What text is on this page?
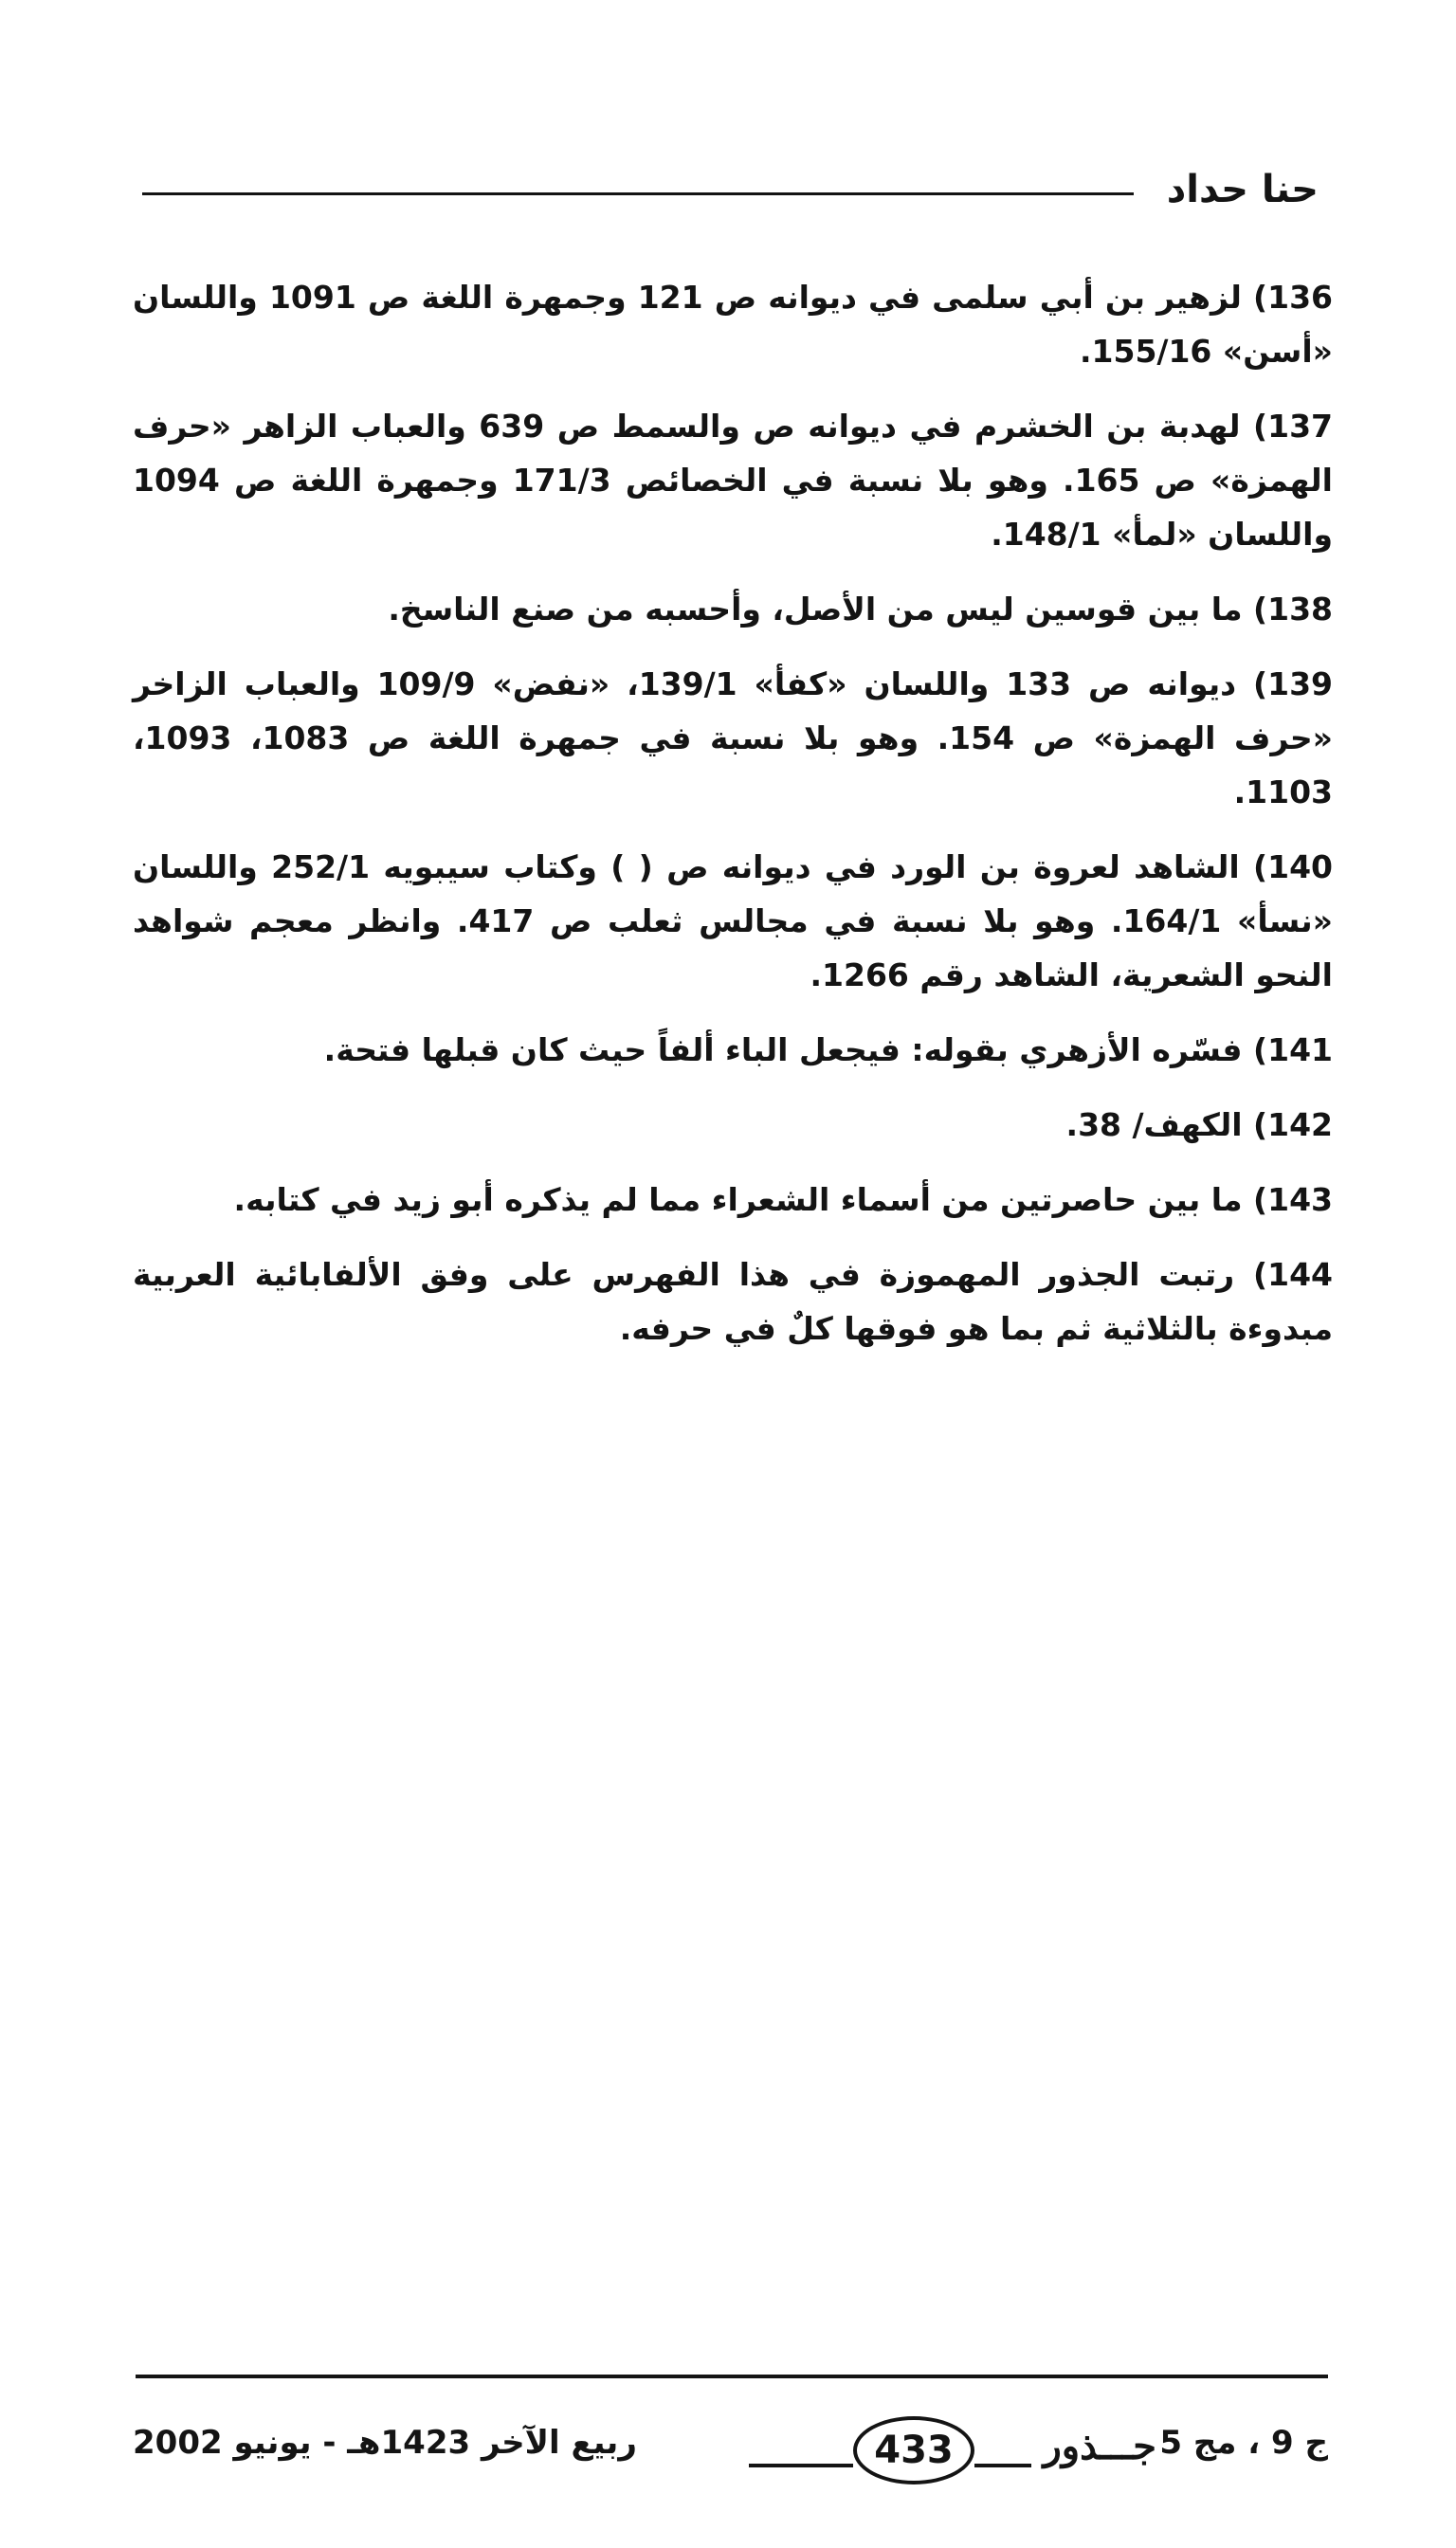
حنا حداد

136) لزهير بن أبي سلمى في ديوانه ص 121 وجمهرة اللغة ص 1091 واللسان «أسن» 155/16.

137) لهدبة بن الخشرم في ديوانه ص والسمط ص 639 والعباب الزاهر «حرف الهمزة» ص 165. وهو بلا نسبة في الخصائص 171/3 وجمهرة اللغة ص 1094 واللسان «لمأ» 148/1.

138) ما بين قوسين ليس من الأصل، وأحسبه من صنع الناسخ.

139) ديوانه ص 133 واللسان «كفأ» 139/1، «نفض» 109/9 والعباب الزاخر «حرف الهمزة» ص 154. وهو بلا نسبة في جمهرة اللغة ص 1083، 1093، 1103.

140) الشاهد لعروة بن الورد في ديوانه ص ( ) وكتاب سيبويه 252/1 واللسان «نسأ» 164/1. وهو بلا نسبة في مجالس ثعلب ص 417. وانظر معجم شواهد النحو الشعرية، الشاهد رقم 1266.

141) فسّره الأزهري بقوله: فيجعل الباء ألفاً حيث كان قبلها فتحة.

142) الكهف/ 38.

143) ما بين حاصرتين من أسماء الشعراء مما لم يذكره أبو زيد في كتابه.

144) رتبت الجذور المهموزة في هذا الفهرس على وفق الألفابائية العربية مبدوءة بالثلاثية ثم بما هو فوقها كلٌ في حرفه.

ربيع الآخر 1423هـ - يونيو 2002	433	جـــذور ج 9 ، مج 5
